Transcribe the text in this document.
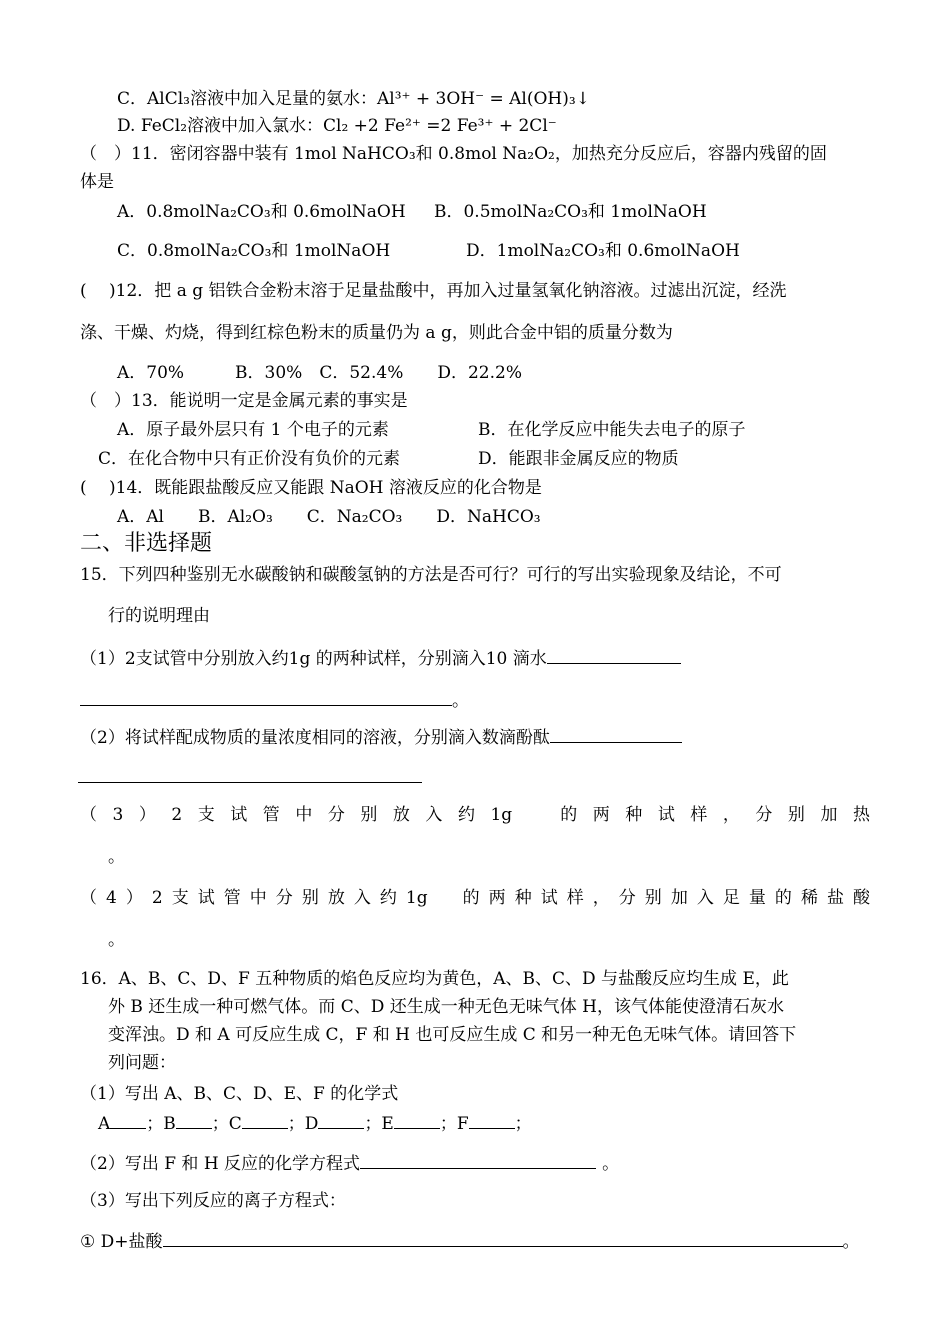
C．AlCl₃溶液中加入足量的氨水：Al³⁺ + 3OH⁻ = Al(OH)₃↓
D. FeCl₂溶液中加入氯水：Cl₂ +2 Fe²⁺ =2 Fe³⁺ + 2Cl⁻
（　）11．密闭容器中装有 1mol NaHCO₃和 0.8mol Na₂O₂，加热充分反应后，容器内残留的固
体是
A．0.8molNa₂CO₃和 0.6molNaOH B．0.5molNa₂CO₃和 1molNaOH
C．0.8molNa₂CO₃和 1molNaOH	D．1molNa₂CO₃和 0.6molNaOH
( 　)12．把 a g 铝铁合金粉末溶于足量盐酸中，再加入过量氢氧化钠溶液。过滤出沉淀，经洗
涤、干燥、灼烧，得到红棕色粉末的质量仍为 a g，则此合金中铝的质量分数为
A．70%　　　B．30%　C．52.4%　　D．22.2%
（　）13．能说明一定是金属元素的事实是
A．原子最外层只有 1 个电子的元素	B．在化学反应中能失去电子的原子
C．在化合物中只有正价没有负价的元素	D．能跟非金属反应的物质
( 　)14．既能跟盐酸反应又能跟 NaOH 溶液反应的化合物是
A．Al　　B．Al₂O₃　　C．Na₂CO₃　　D．NaHCO₃
二、非选择题
15．下列四种鉴别无水碳酸钠和碳酸氢钠的方法是否可行？可行的写出实验现象及结论，不可
行的说明理由
（1）2支试管中分别放入约1g 的两种试样，分别滴入10 滴水
。
（2）将试样配成物质的量浓度相同的溶液，分别滴入数滴酚酞
（3）2支试管中分别放入约1g　的两种试样，分别加热
。
（4）2支试管中分别放入约1g　的两种试样，分别加入足量的稀盐酸
。
16．A、B、C、D、F 五种物质的焰色反应均为黄色，A、B、C、D 与盐酸反应均生成 E，此
外 B 还生成一种可燃气体。而 C、D 还生成一种无色无味气体 H，该气体能使澄清石灰水
变浑浊。D 和 A 可反应生成 C，F 和 H 也可反应生成 C 和另一种无色无味气体。请回答下
列问题：
（1）写出 A、B、C、D、E、F 的化学式
A ；B ；C	；D	；E	；F	；
（2）写出 F 和 H 反应的化学方程式	。
（3）写出下列反应的离子方程式：
① D+盐酸	。
